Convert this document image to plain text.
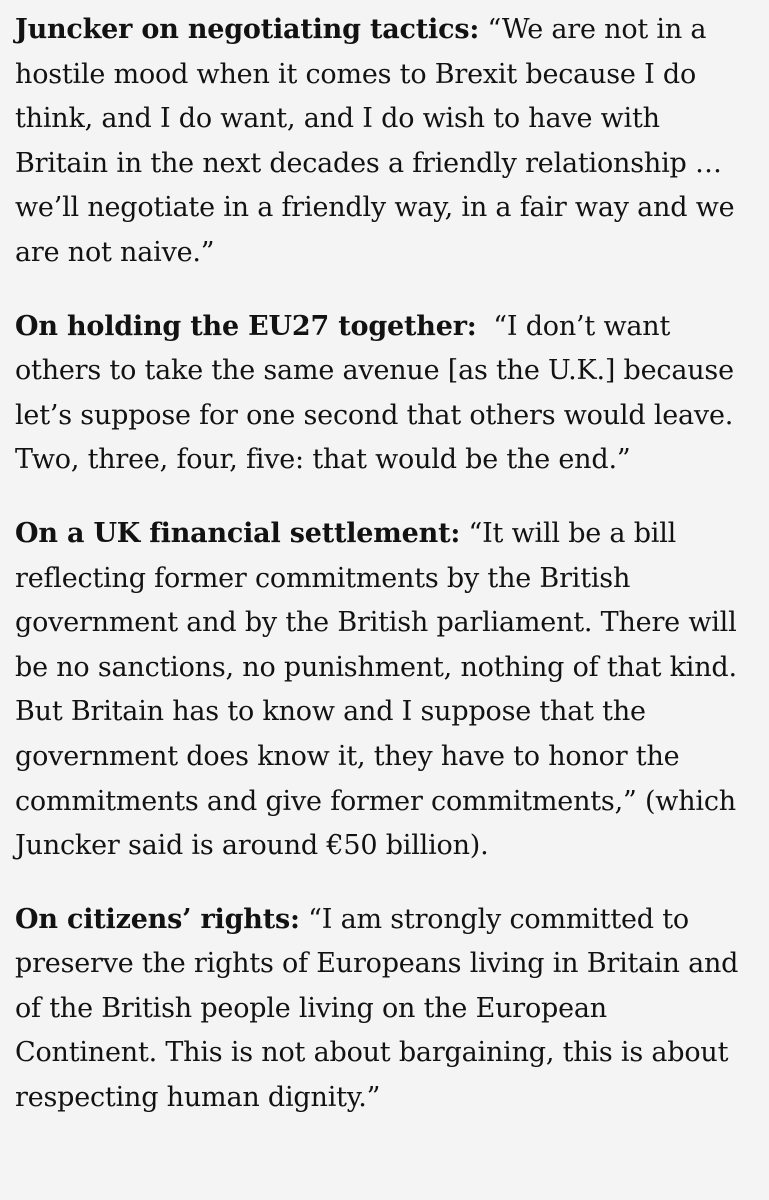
Juncker on negotiating tactics: “We are not in a hostile mood when it comes to Brexit because I do think, and I do want, and I do wish to have with Britain in the next decades a friendly relationship … we’ll negotiate in a friendly way, in a fair way and we are not naive.”

On holding the EU27 together:  “I don’t want others to take the same avenue [as the U.K.] because let’s suppose for one second that others would leave. Two, three, four, five: that would be the end.”

On a UK financial settlement: “It will be a bill reflecting former commitments by the British government and by the British parliament. There will be no sanctions, no punishment, nothing of that kind. But Britain has to know and I suppose that the government does know it, they have to honor the commitments and give former commitments,” (which Juncker said is around €50 billion).

On citizens’ rights: “I am strongly committed to preserve the rights of Europeans living in Britain and of the British people living on the European Continent. This is not about bargaining, this is about respecting human dignity.”
